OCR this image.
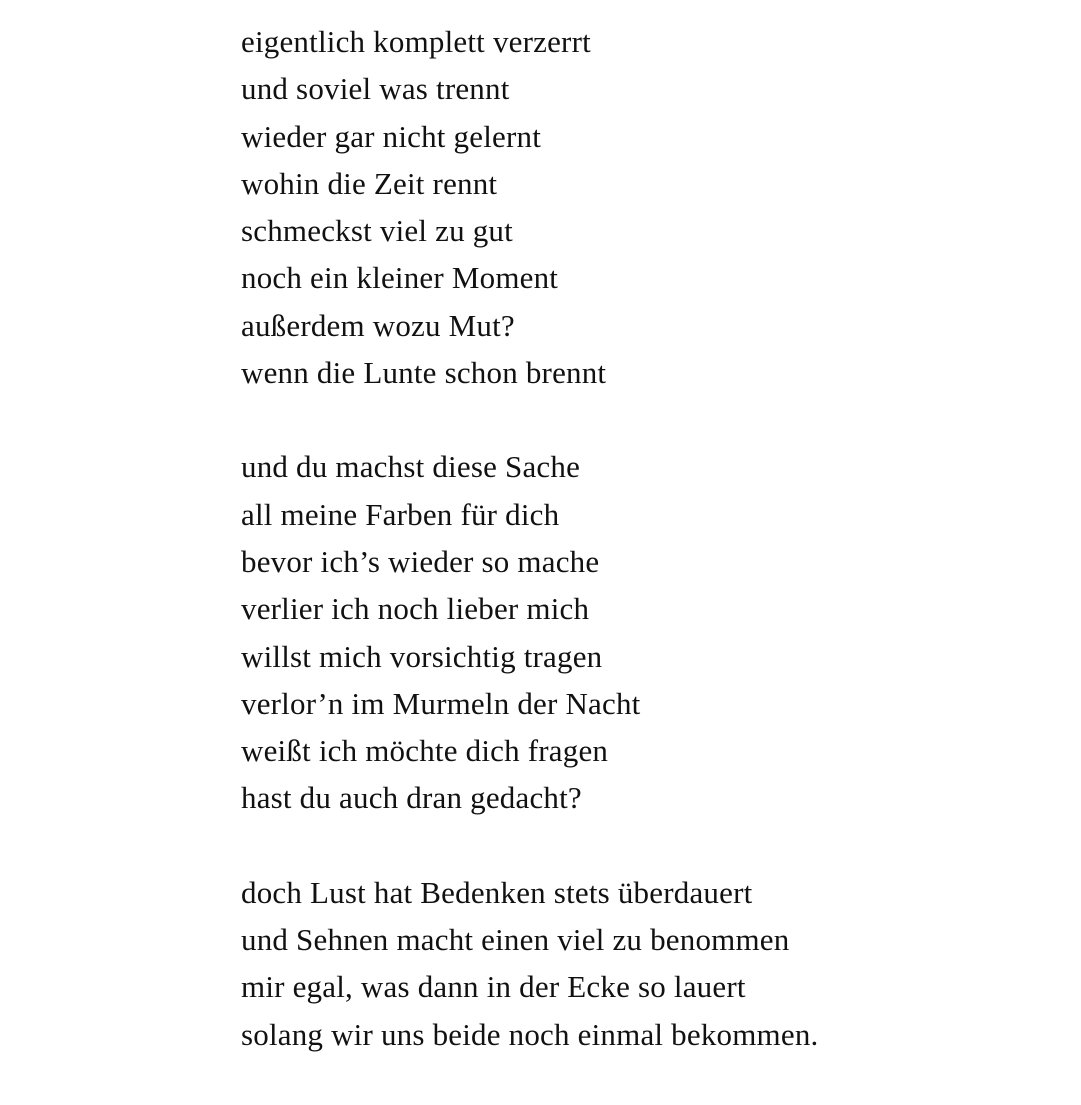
eigentlich komplett verzerrt
und soviel was trennt
wieder gar nicht gelernt
wohin die Zeit rennt
schmeckst viel zu gut
noch ein kleiner Moment
außerdem wozu Mut?
wenn die Lunte schon brennt
und du machst diese Sache
all meine Farben für dich
bevor ich’s wieder so mache
verlier ich noch lieber mich
willst mich vorsichtig tragen
verlor’n im Murmeln der Nacht
weißt ich möchte dich fragen
hast du auch dran gedacht?
doch Lust hat Bedenken stets überdauert
und Sehnen macht einen viel zu benommen
mir egal, was dann in der Ecke so lauert
solang wir uns beide noch einmal bekommen.
